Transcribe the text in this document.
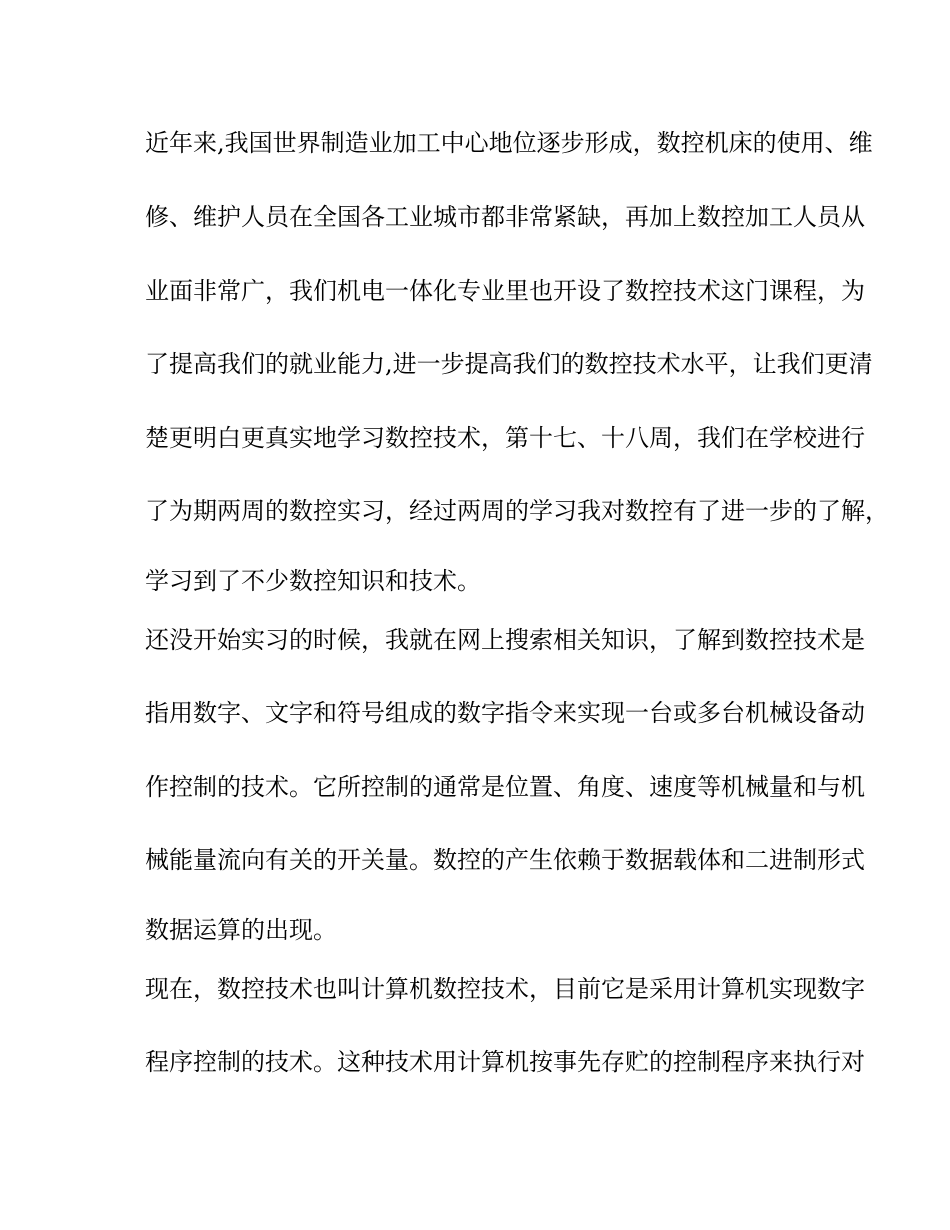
近年来,我国世界制造业加工中心地位逐步形成，数控机床的使用、维
修、维护人员在全国各工业城市都非常紧缺，再加上数控加工人员从
业面非常广，我们机电一体化专业里也开设了数控技术这门课程，为
了提高我们的就业能力,进一步提高我们的数控技术水平，让我们更清
楚更明白更真实地学习数控技术，第十七、十八周，我们在学校进行
了为期两周的数控实习，经过两周的学习我对数控有了进一步的了解，
学习到了不少数控知识和技术。
还没开始实习的时候，我就在网上搜索相关知识，了解到数控技术是
指用数字、文字和符号组成的数字指令来实现一台或多台机械设备动
作控制的技术。它所控制的通常是位置、角度、速度等机械量和与机
械能量流向有关的开关量。数控的产生依赖于数据载体和二进制形式
数据运算的出现。
现在，数控技术也叫计算机数控技术，目前它是采用计算机实现数字
程序控制的技术。这种技术用计算机按事先存贮的控制程序来执行对
